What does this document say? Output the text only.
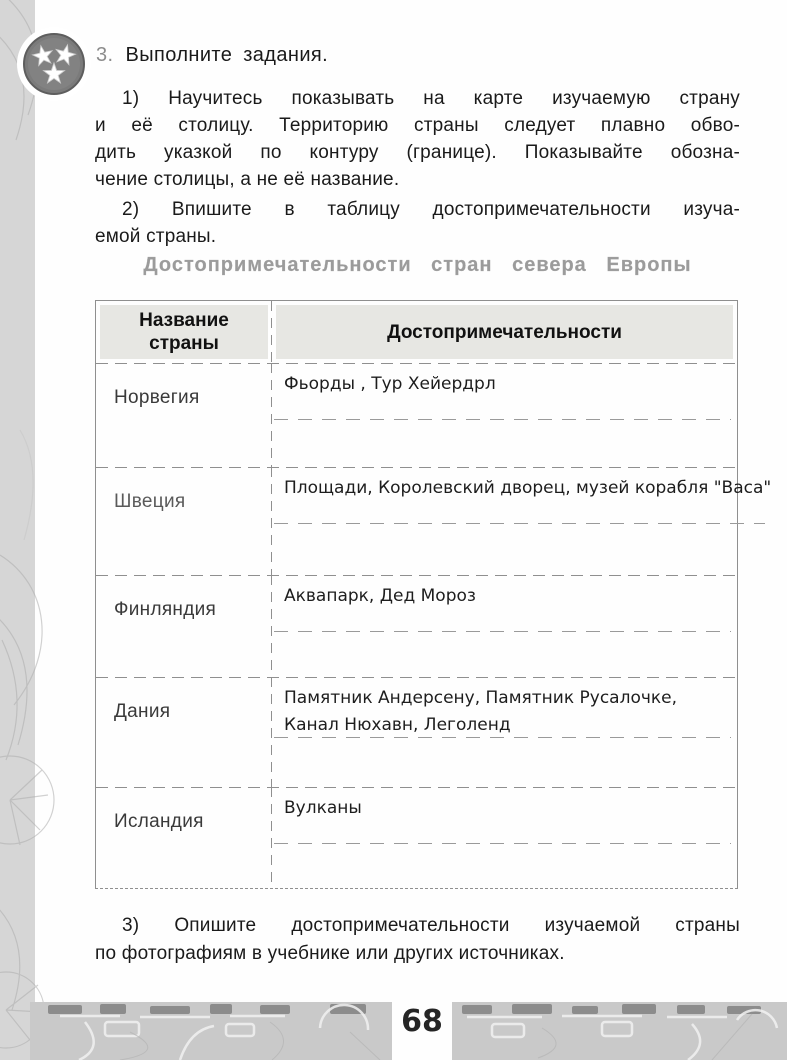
3. Выполните задания.
1) Научитесь показывать на карте изучаемую страну
и её столицу. Территорию страны следует плавно обво-
дить указкой по контуру (границе). Показывайте обозна-
чение столицы, а не её название.
2) Впишите в таблицу достопримечательности изуча-
емой страны.
Достопримечательности стран севера Европы
Название страны
Достопримечательности
Норвегия
Фьорды , Тур Хейердрл
Швеция
Площади, Королевский дворец, музей корабля "Васа"
Финляндия
Аквапарк, Дед Мороз
Дания
Памятник Андерсену, Памятник Русалочке,
Канал Нюхавн, Леголенд
Исландия
Вулканы
3) Опишите достопримечательности изучаемой страны
по фотографиям в учебнике или других источниках.
68
